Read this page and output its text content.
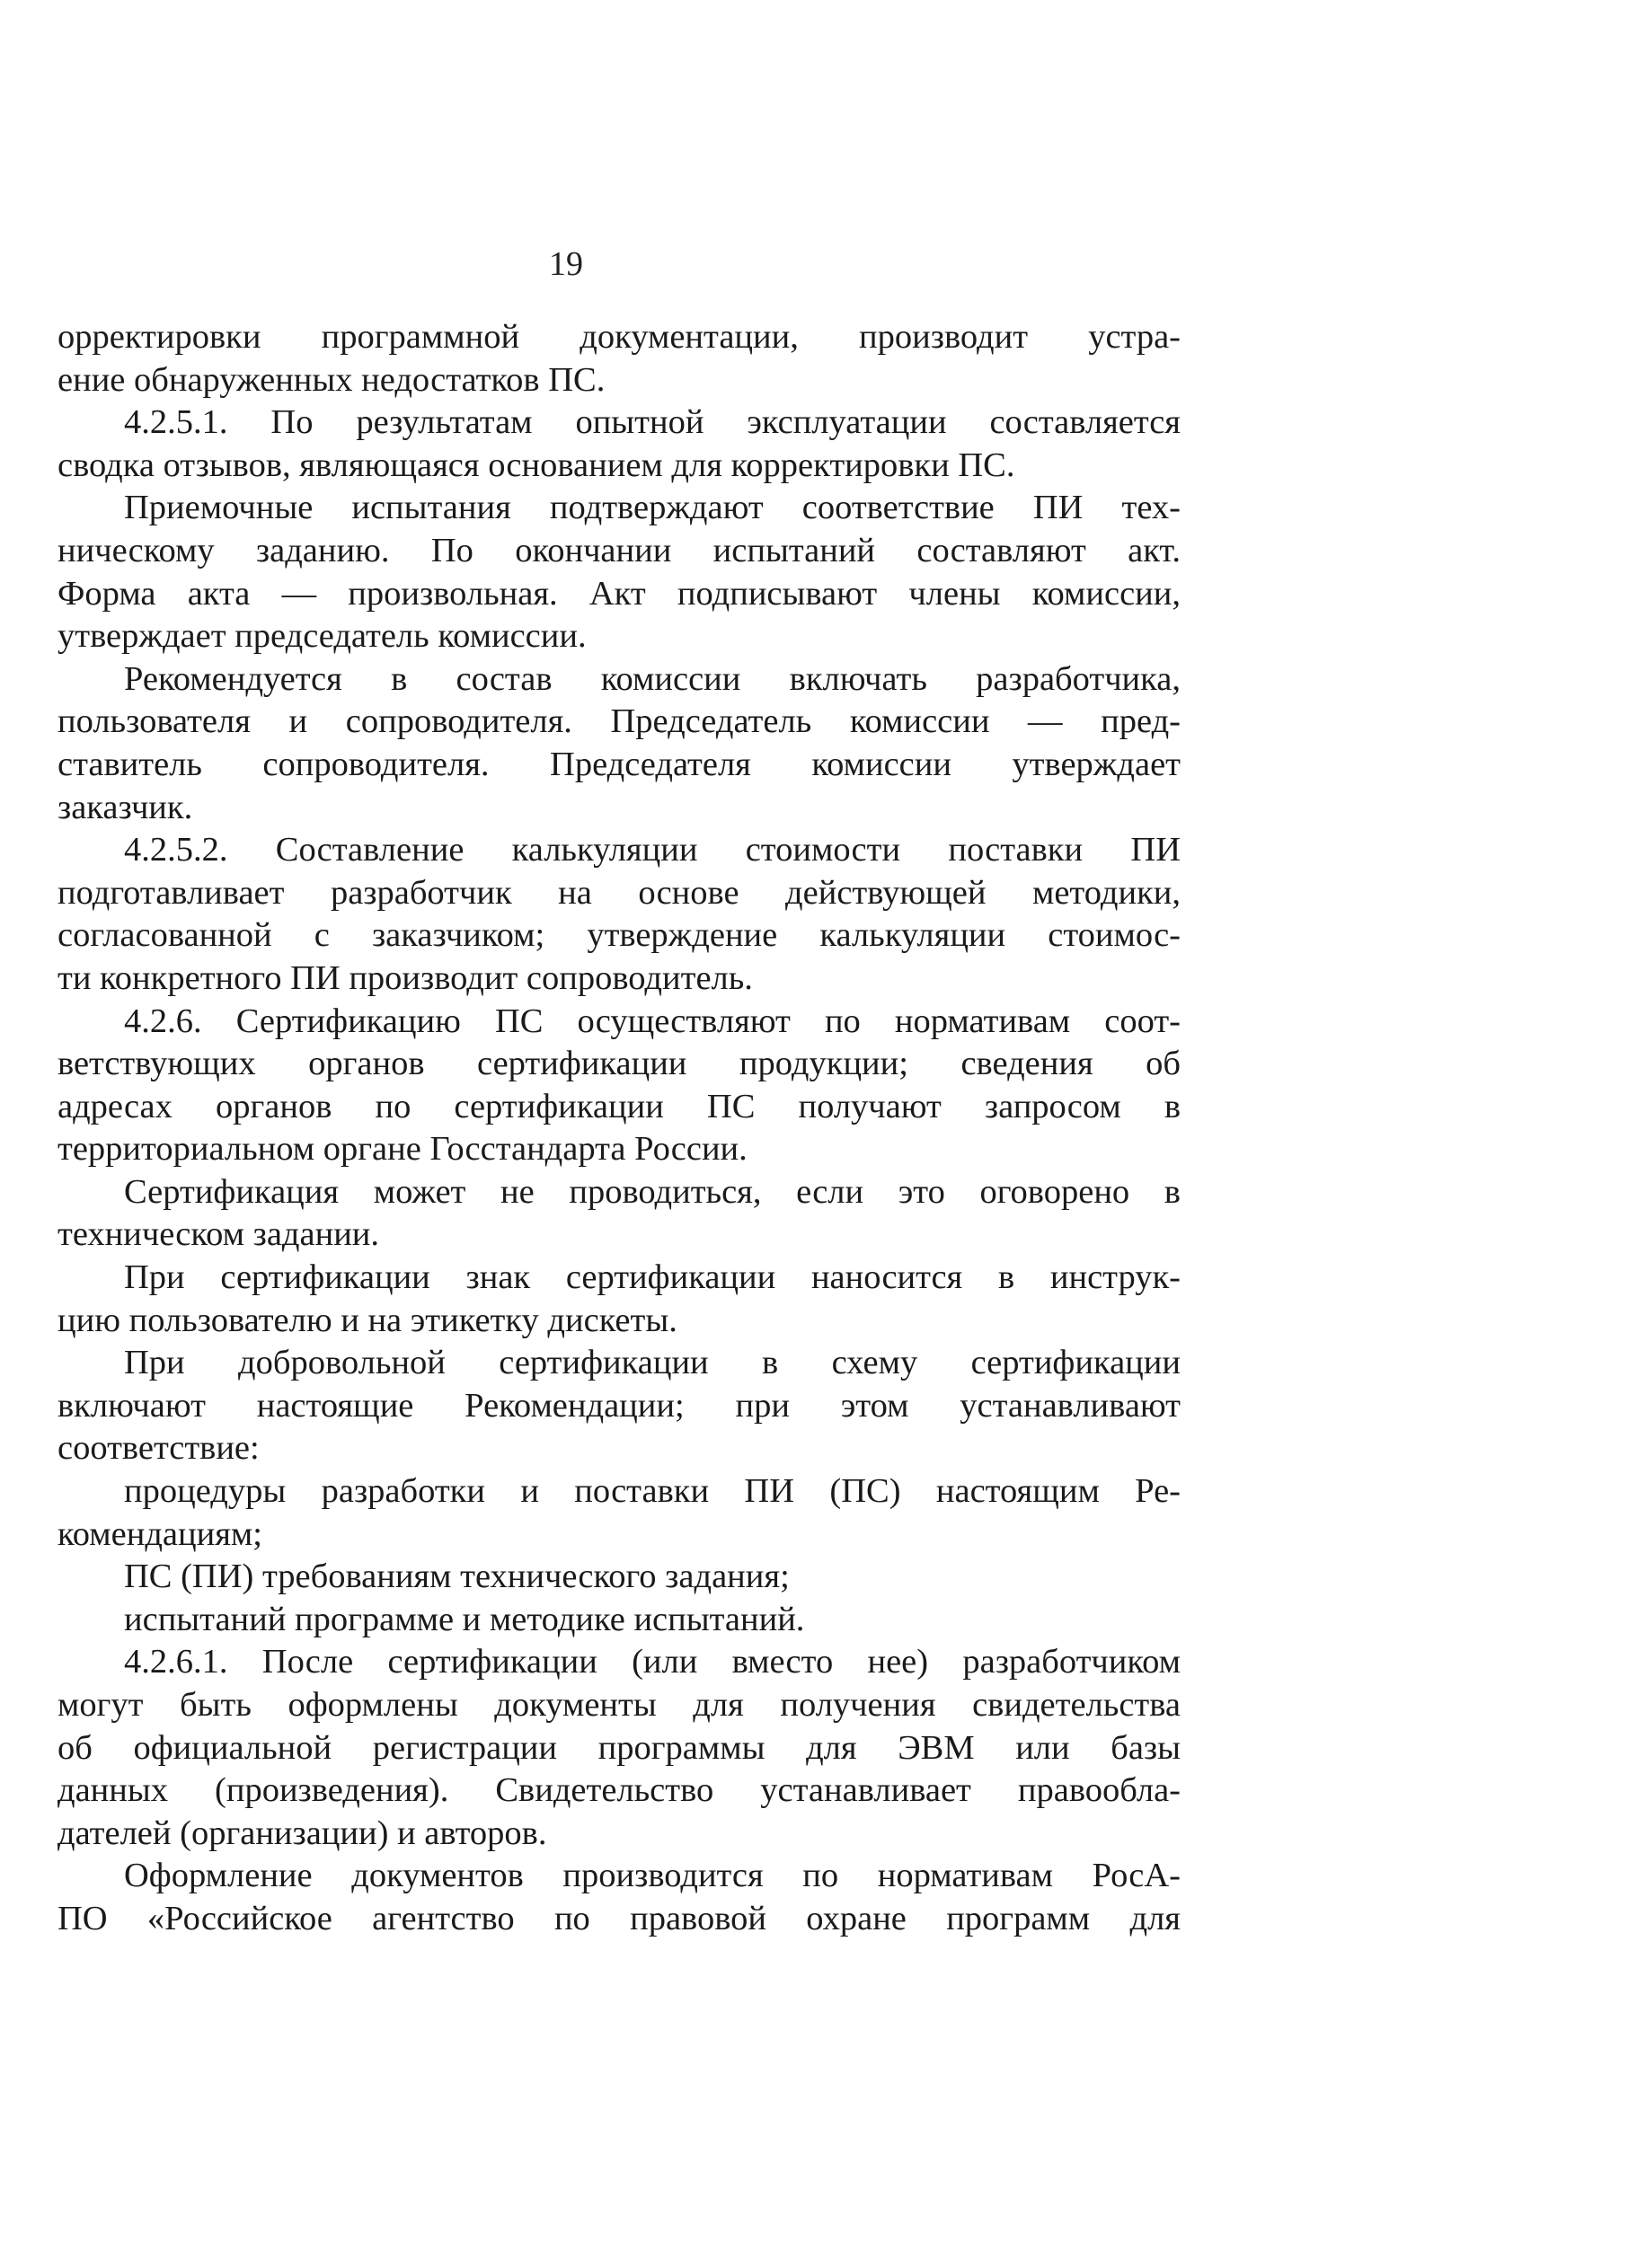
19
орректировки программной документации, производит устра-
ение обнаруженных недостатков ПС.
4.2.5.1. По результатам опытной эксплуатации составляется
сводка отзывов, являющаяся основанием для корректировки ПС.
Приемочные испытания подтверждают соответствие ПИ тех-
ническому заданию. По окончании испытаний составляют акт.
Форма акта — произвольная. Акт подписывают члены комиссии,
утверждает председатель комиссии.
Рекомендуется в состав комиссии включать разработчика,
пользователя и сопроводителя. Председатель комиссии — пред-
ставитель сопроводителя. Председателя комиссии утверждает
заказчик.
4.2.5.2. Составление калькуляции стоимости поставки ПИ
подготавливает разработчик на основе действующей методики,
согласованной с заказчиком; утверждение калькуляции стоимос-
ти конкретного ПИ производит сопроводитель.
4.2.6. Сертификацию ПС осуществляют по нормативам соот-
ветствующих органов сертификации продукции; сведения об
адресах органов по сертификации ПС получают запросом в
территориальном органе Госстандарта России.
Сертификация может не проводиться, если это оговорено в
техническом задании.
При сертификации знак сертификации наносится в инструк-
цию пользователю и на этикетку дискеты.
При добровольной сертификации в схему сертификации
включают настоящие Рекомендации; при этом устанавливают
соответствие:
процедуры разработки и поставки ПИ (ПС) настоящим Ре-
комендациям;
ПС (ПИ) требованиям технического задания;
испытаний программе и методике испытаний.
4.2.6.1. После сертификации (или вместо нее) разработчиком
могут быть оформлены документы для получения свидетельства
об официальной регистрации программы для ЭВМ или базы
данных (произведения). Свидетельство устанавливает правообла-
дателей (организации) и авторов.
Оформление документов производится по нормативам РосА-
ПО «Российское агентство по правовой охране программ для
